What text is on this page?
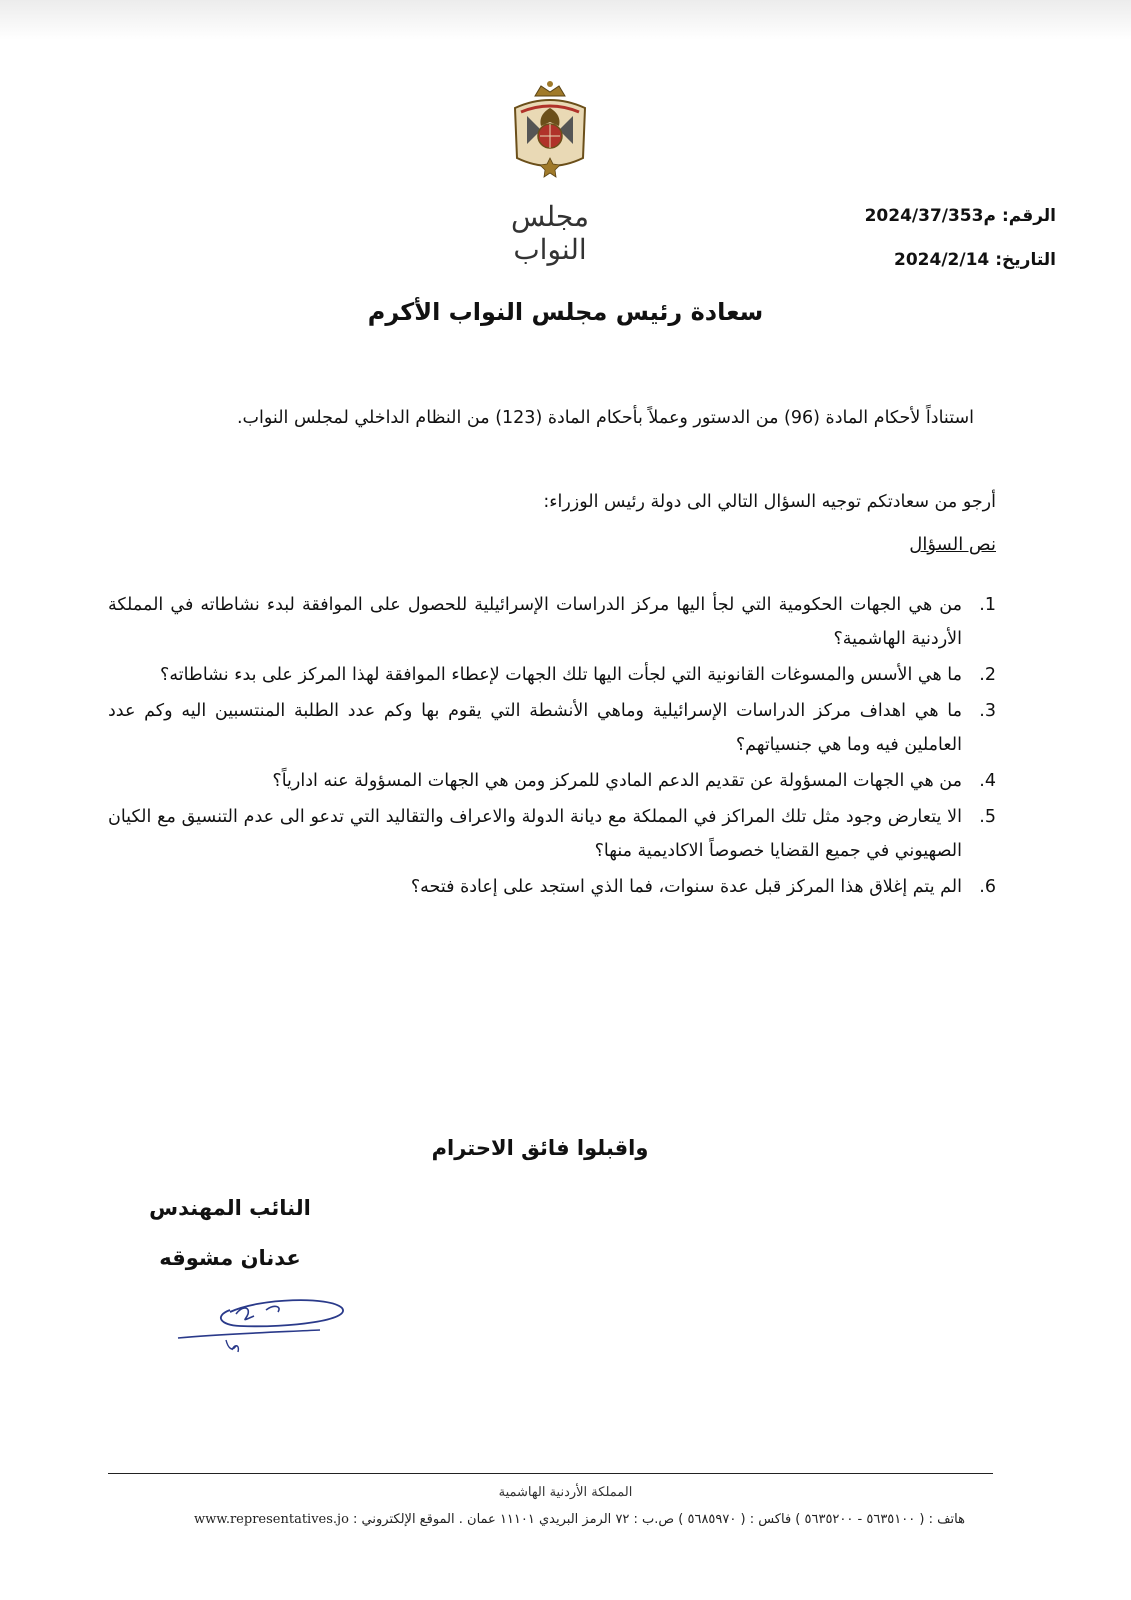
مجلس النواب
الرقم:م2024/37/353
التاريخ:2024/2/14
سعادة رئيس مجلس النواب الأكرم
استناداً لأحكام المادة (96) من الدستور وعملاً بأحكام المادة (123) من النظام الداخلي لمجلس النواب.
أرجو من سعادتكم توجيه السؤال التالي الى دولة رئيس الوزراء:
نص السؤال
1.
من هي الجهات الحكومية التي لجأ اليها مركز الدراسات الإسرائيلية للحصول على الموافقة لبدء نشاطاته في المملكة الأردنية الهاشمية؟
2.
ما هي الأسس والمسوغات القانونية التي لجأت اليها تلك الجهات لإعطاء الموافقة لهذا المركز على بدء نشاطاته؟
3.
ما هي اهداف مركز الدراسات الإسرائيلية وماهي الأنشطة التي يقوم بها وكم عدد الطلبة المنتسبين اليه وكم عدد العاملين فيه وما هي جنسياتهم؟
4.
من هي الجهات المسؤولة عن تقديم الدعم المادي للمركز ومن هي الجهات المسؤولة عنه ادارياً؟
5.
الا يتعارض وجود مثل تلك المراكز في المملكة مع ديانة الدولة والاعراف والتقاليد التي تدعو الى عدم التنسيق مع الكيان الصهيوني في جميع القضايا خصوصاً الاكاديمية منها؟
6.
الم يتم إغلاق هذا المركز قبل عدة سنوات، فما الذي استجد على إعادة فتحه؟
واقبلوا فائق الاحترام
النائب المهندس
عدنان مشوقه
المملكة الأردنية الهاشمية
هاتف : ( ٥٦٣٥١٠٠ - ٥٦٣٥٢٠٠ ) فاكس : ( ٥٦٨٥٩٧٠ ) ص.ب : ٧٢ الرمز البريدي ١١١٠١ عمان . الموقع الإلكتروني : www.representatives.jo
